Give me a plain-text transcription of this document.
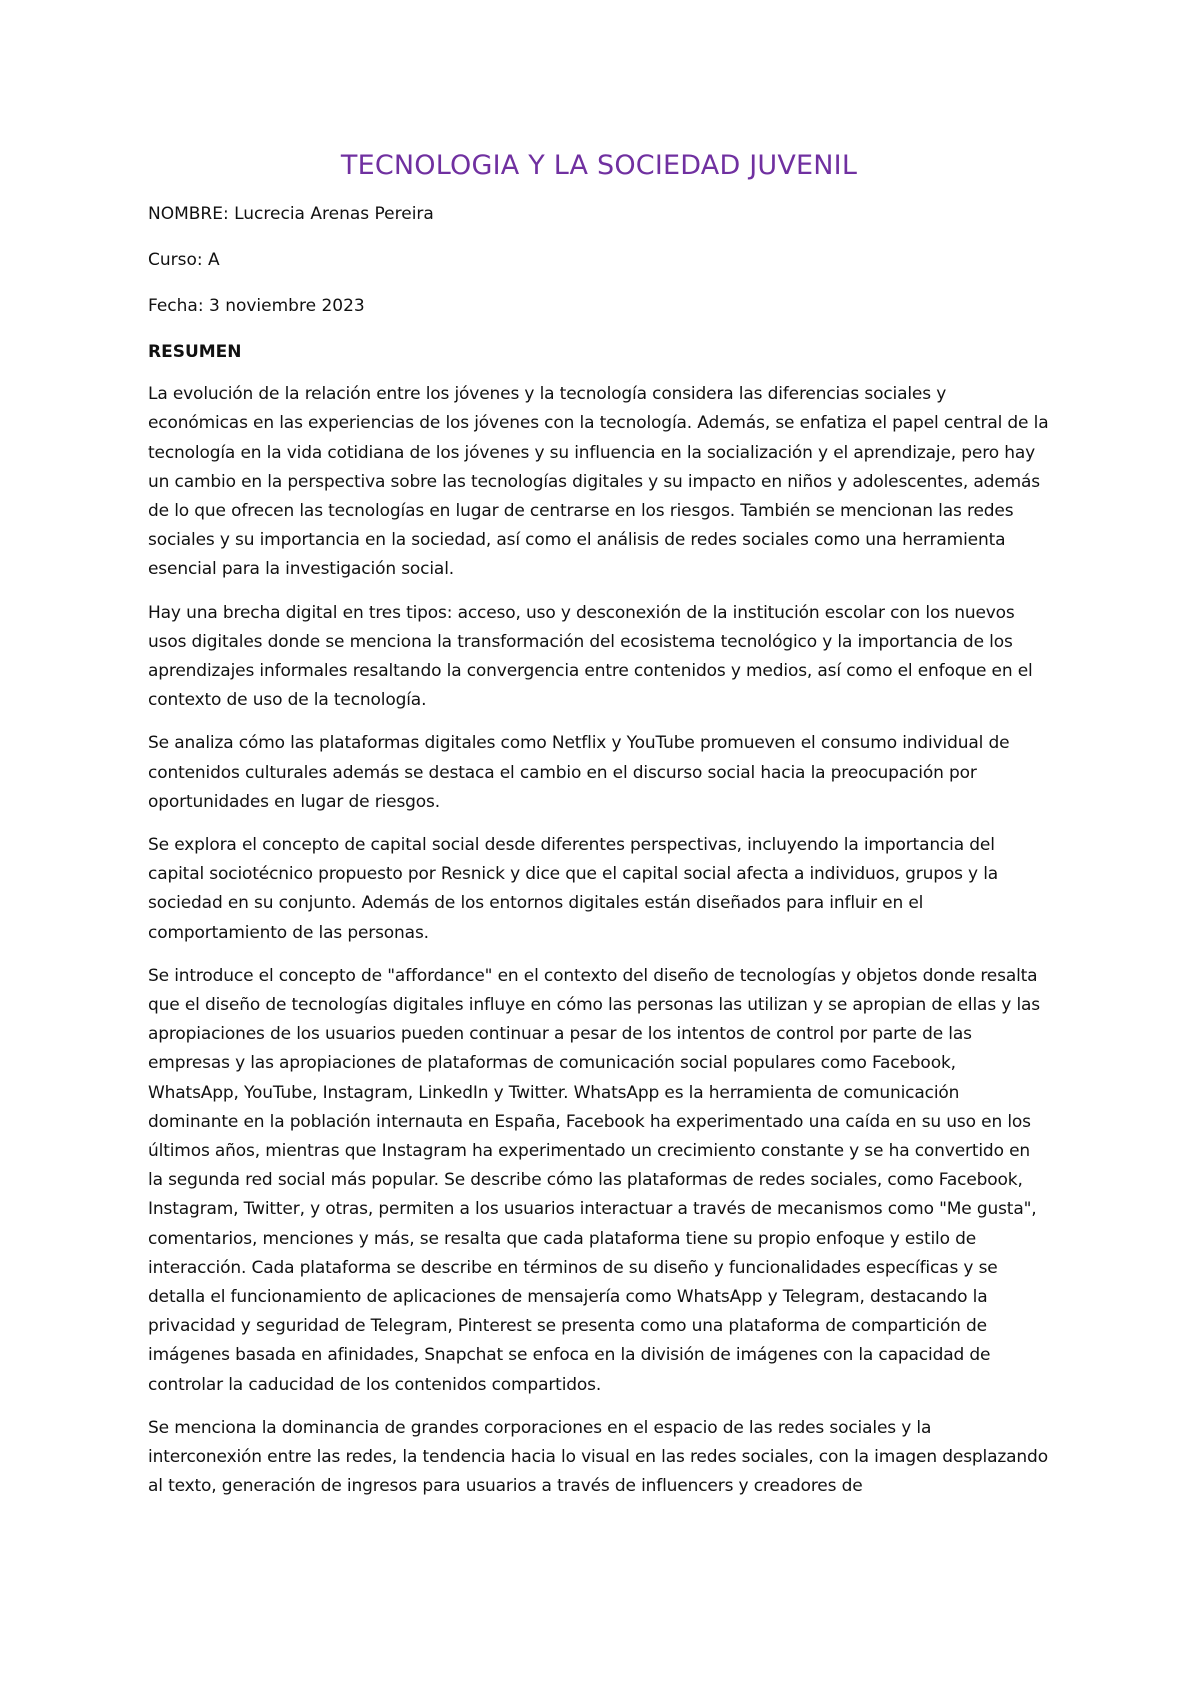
TECNOLOGIA Y LA SOCIEDAD JUVENIL

NOMBRE: Lucrecia Arenas Pereira

Curso: A

Fecha: 3 noviembre 2023

RESUMEN

La evolución de la relación entre los jóvenes y la tecnología considera las diferencias sociales y económicas en las experiencias de los jóvenes con la tecnología. Además, se enfatiza el papel central de la tecnología en la vida cotidiana de los jóvenes y su influencia en la socialización y el aprendizaje, pero hay un cambio en la perspectiva sobre las tecnologías digitales y su impacto en niños y adolescentes, además de lo que ofrecen las tecnologías en lugar de centrarse en los riesgos. También se mencionan las redes sociales y su importancia en la sociedad, así como el análisis de redes sociales como una herramienta esencial para la investigación social.

Hay una brecha digital en tres tipos: acceso, uso y desconexión de la institución escolar con los nuevos usos digitales donde se menciona la transformación del ecosistema tecnológico y la importancia de los aprendizajes informales resaltando la convergencia entre contenidos y medios, así como el enfoque en el contexto de uso de la tecnología.

Se analiza cómo las plataformas digitales como Netflix y YouTube promueven el consumo individual de contenidos culturales además se destaca el cambio en el discurso social hacia la preocupación por oportunidades en lugar de riesgos.

Se explora el concepto de capital social desde diferentes perspectivas, incluyendo la importancia del capital sociotécnico propuesto por Resnick y dice que el capital social afecta a individuos, grupos y la sociedad en su conjunto. Además de los entornos digitales están diseñados para influir en el comportamiento de las personas.

Se introduce el concepto de "affordance" en el contexto del diseño de tecnologías y objetos donde resalta que el diseño de tecnologías digitales influye en cómo las personas las utilizan y se apropian de ellas y las apropiaciones de los usuarios pueden continuar a pesar de los intentos de control por parte de las empresas y las apropiaciones de plataformas de comunicación social populares como Facebook, WhatsApp, YouTube, Instagram, LinkedIn y Twitter. WhatsApp es la herramienta de comunicación dominante en la población internauta en España, Facebook ha experimentado una caída en su uso en los últimos años, mientras que Instagram ha experimentado un crecimiento constante y se ha convertido en la segunda red social más popular. Se describe cómo las plataformas de redes sociales, como Facebook, Instagram, Twitter, y otras, permiten a los usuarios interactuar a través de mecanismos como "Me gusta", comentarios, menciones y más, se resalta que cada plataforma tiene su propio enfoque y estilo de interacción. Cada plataforma se describe en términos de su diseño y funcionalidades específicas y se detalla el funcionamiento de aplicaciones de mensajería como WhatsApp y Telegram, destacando la privacidad y seguridad de Telegram, Pinterest se presenta como una plataforma de compartición de imágenes basada en afinidades, Snapchat se enfoca en la división de imágenes con la capacidad de controlar la caducidad de los contenidos compartidos.

Se menciona la dominancia de grandes corporaciones en el espacio de las redes sociales y la interconexión entre las redes, la tendencia hacia lo visual en las redes sociales, con la imagen desplazando al texto, generación de ingresos para usuarios a través de influencers y creadores de
